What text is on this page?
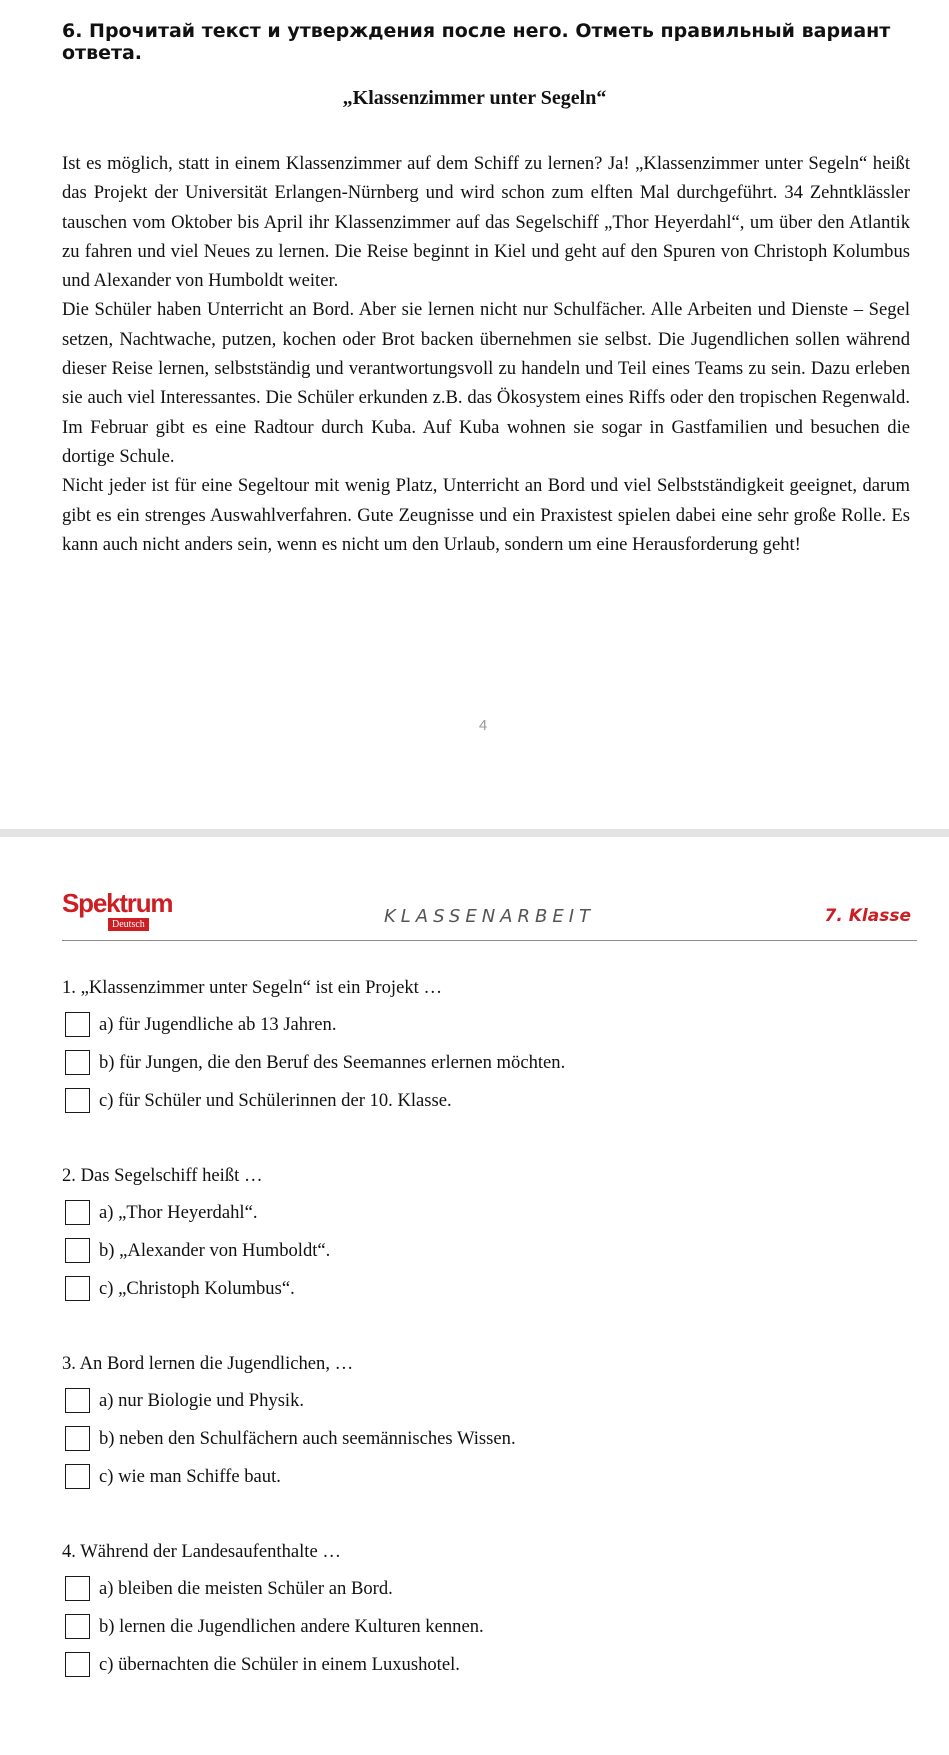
6. Прочитай текст и утверждения после него. Отметь правильный вариант ответа.
„Klassenzimmer unter Segeln“

Ist es möglich, statt in einem Klassenzimmer auf dem Schiff zu lernen? Ja! „Klassenzimmer unter Segeln“ heißt das Projekt der Universität Erlangen-Nürnberg und wird schon zum elften Mal durchgeführt. 34 Zehntklässler tauschen vom Oktober bis April ihr Klassenzimmer auf das Segelschiff „Thor Heyerdahl“, um über den Atlantik zu fahren und viel Neues zu lernen. Die Reise beginnt in Kiel und geht auf den Spuren von Christoph Kolumbus und Alexander von Humboldt weiter.

Die Schüler haben Unterricht an Bord. Aber sie lernen nicht nur Schulfächer. Alle Arbeiten und Dienste – Segel setzen, Nachtwache, putzen, kochen oder Brot backen übernehmen sie selbst. Die Jugendlichen sollen während dieser Reise lernen, selbstständig und verantwortungsvoll zu handeln und Teil eines Teams zu sein. Dazu erleben sie auch viel Interessantes. Die Schüler erkunden z.B. das Ökosystem eines Riffs oder den tropischen Regenwald. Im Februar gibt es eine Radtour durch Kuba. Auf Kuba wohnen sie sogar in Gastfamilien und besuchen die dortige Schule.

Nicht jeder ist für eine Segeltour mit wenig Platz, Unterricht an Bord und viel Selbstständigkeit geeignet, darum gibt es ein strenges Auswahlverfahren. Gute Zeugnisse und ein Praxistest spielen dabei eine sehr große Rolle. Es kann auch nicht anders sein, wenn es nicht um den Urlaub, sondern um eine Herausforderung geht!

4
Spektrum
Deutsch	KLASSENARBEIT	7. Klasse
1. „Klassenzimmer unter Segeln“ ist ein Projekt …
a) für Jugendliche ab 13 Jahren.
b) für Jungen, die den Beruf des Seemannes erlernen möchten.
c) für Schüler und Schülerinnen der 10. Klasse.
2. Das Segelschiff heißt …
a) „Thor Heyerdahl“.
b) „Alexander von Humboldt“.
c) „Christoph Kolumbus“.
3. An Bord lernen die Jugendlichen, …
a) nur Biologie und Physik.
b) neben den Schulfächern auch seemännisches Wissen.
c) wie man Schiffe baut.
4. Während der Landesaufenthalte …
a) bleiben die meisten Schüler an Bord.
b) lernen die Jugendlichen andere Kulturen kennen.
c) übernachten die Schüler in einem Luxushotel.
